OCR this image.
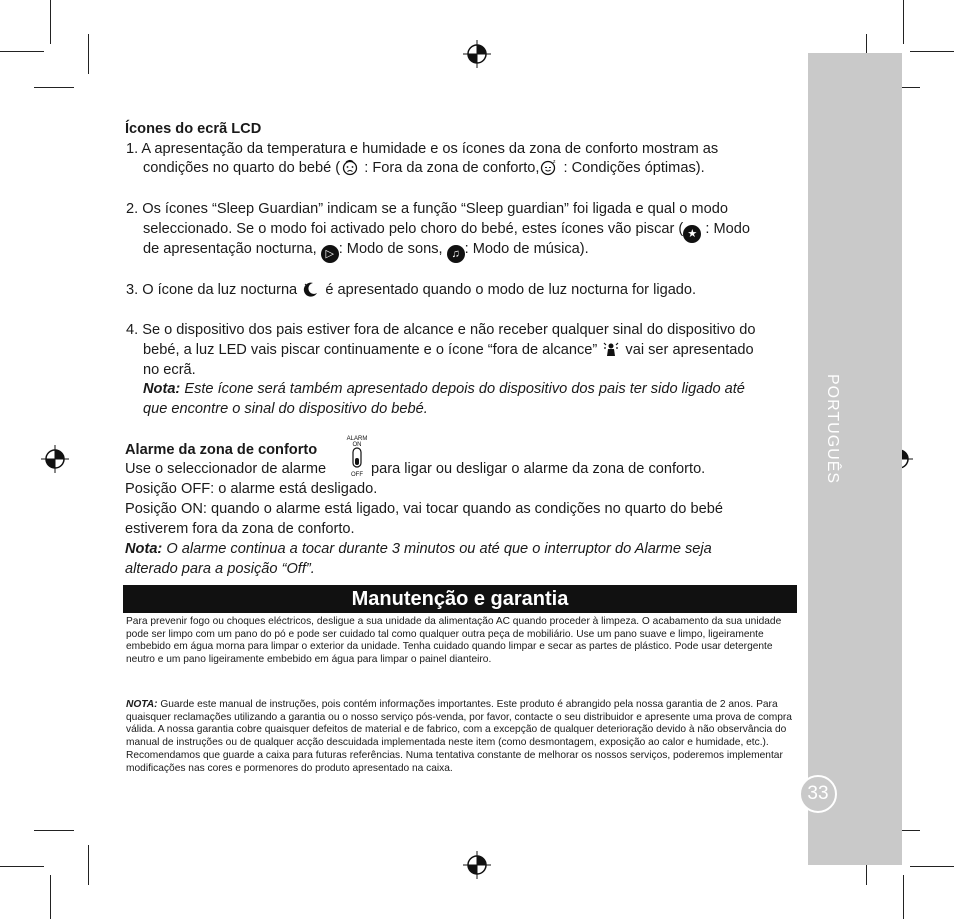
PORTUGUÊS
33
Ícones do ecrã LCD
1. A apresentação da temperatura e humidade e os ícones da zona de conforto mostram as
condições no quarto do bebé ( : Fora da zona de conforto,	z : Condições óptimas).
2. Os ícones “Sleep Guardian” indicam se a função “Sleep guardian” foi ligada e qual o modo
seleccionado. Se o modo foi activado pelo choro do bebé, estes ícones vão piscar ( ★ : Modo
de apresentação nocturna, ▷ : Modo de sons, ♫ : Modo de música).
3. O ícone da luz nocturna é apresentado quando o modo de luz nocturna for ligado.
4. Se o dispositivo dos pais estiver fora de alcance e não receber qualquer sinal do dispositivo do
bebé, a luz LED vais piscar continuamente e o ícone “fora de alcance” vai ser apresentado
no ecrã.
Nota: Este ícone será também apresentado depois do dispositivo dos pais ter sido ligado até
que encontre o sinal do dispositivo do bebé.
Alarme da zona de conforto
ALARM
ON
OFF
Use o seleccionador de alarme	para ligar ou desligar o alarme da zona de conforto.
Posição OFF: o alarme está desligado.
Posição ON: quando o alarme está ligado, vai tocar quando as condições no quarto do bebé
estiverem fora da zona de conforto.
Nota: O alarme continua a tocar durante 3 minutos ou até que o interruptor do Alarme seja
alterado para a posição “Off”.
Manutenção e garantia
Para prevenir fogo ou choques eléctricos, desligue a sua unidade da alimentação AC quando proceder à limpeza. O acabamento da sua unidade pode ser limpo com um pano do pó e pode ser cuidado tal como qualquer outra peça de mobiliário. Use um pano suave e limpo, ligeiramente embebido em água morna para limpar o exterior da unidade. Tenha cuidado quando limpar e secar as partes de plástico. Pode usar detergente neutro e um pano ligeiramente embebido em água para limpar o painel dianteiro.
NOTA: Guarde este manual de instruções, pois contém informações importantes. Este produto é abrangido pela nossa garantia de 2 anos. Para quaisquer reclamações utilizando a garantia ou o nosso serviço pós-venda, por favor, contacte o seu distribuidor e apresente uma prova de compra válida. A nossa garantia cobre quaisquer defeitos de material e de fabrico, com a excepção de qualquer deterioração devido à não observância do manual de instruções ou de qualquer acção descuidada implementada neste item (como desmontagem, exposição ao calor e humidade, etc.). Recomendamos que guarde a caixa para futuras referências. Numa tentativa constante de melhorar os nossos serviços, poderemos implementar modificações nas cores e pormenores do produto apresentado na caixa.
